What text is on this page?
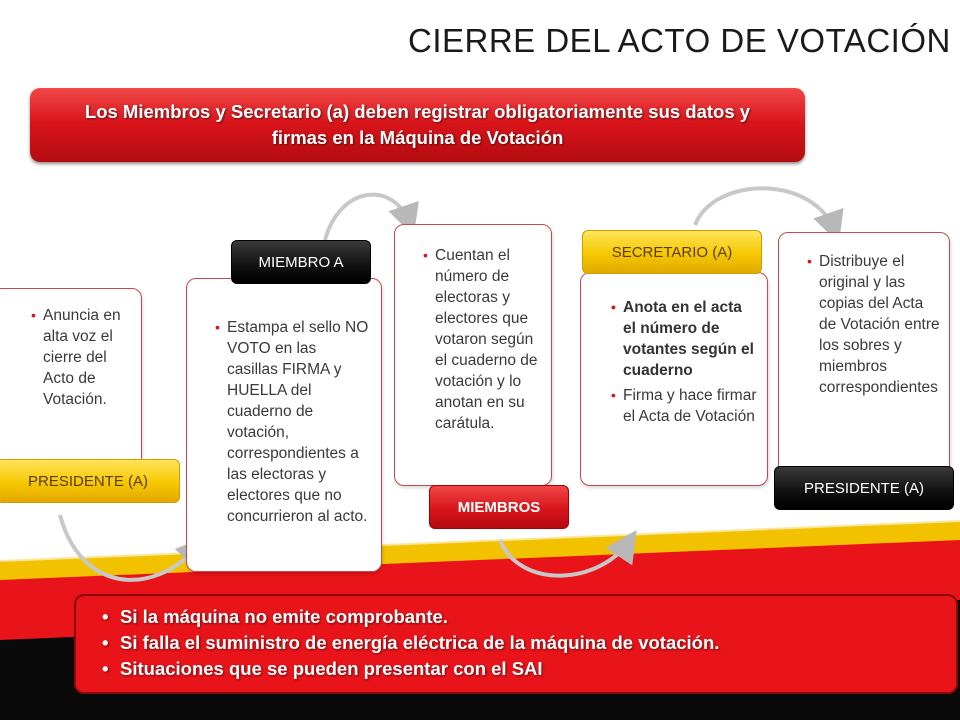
CIERRE DEL ACTO DE VOTACIÓN
Los Miembros y Secretario (a) deben registrar obligatoriamente sus datos y firmas en la Máquina de Votación
• Anuncia en alta voz el cierre del Acto de Votación.
PRESIDENTE (A)
• Estampa el sello NO VOTO en las casillas FIRMA y HUELLA del cuaderno de votación, correspondientes a las electoras y electores que no concurrieron al acto.
MIEMBRO A
•	Cuentan el número de electoras y electores que votaron según el cuaderno de votación y lo anotan en su carátula.
MIEMBROS
• Anota en el acta el número de votantes según el cuaderno
• Firma y hace firmar el Acta de Votación
SECRETARIO (A)
• Distribuye el original y las copias del Acta de Votación entre los sobres y miembros correspondientes
PRESIDENTE (A)
• Si la máquina no emite comprobante.
• Si falla el suministro de energía eléctrica de la máquina de votación.
• Situaciones que se pueden presentar con el SAI
